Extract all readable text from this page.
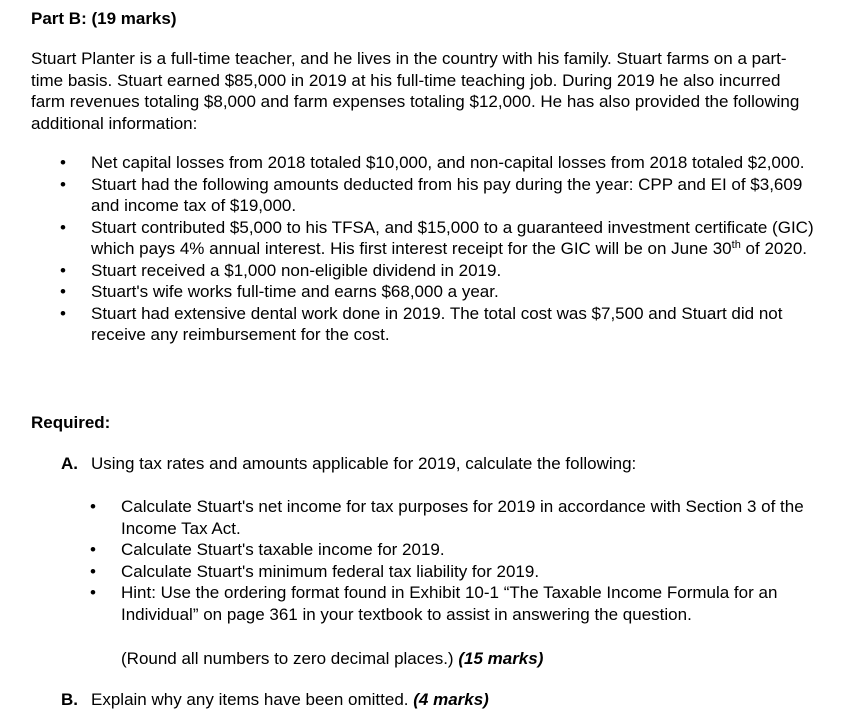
Part B: (19 marks)

Stuart Planter is a full-time teacher, and he lives in the country with his family. Stuart farms on a part-time basis. Stuart earned $85,000 in 2019 at his full-time teaching job. During 2019 he also incurred farm revenues totaling $8,000 and farm expenses totaling $12,000. He has also provided the following additional information:

• Net capital losses from 2018 totaled $10,000, and non-capital losses from 2018 totaled $2,000.
• Stuart had the following amounts deducted from his pay during the year: CPP and EI of $3,609 and income tax of $19,000.
• Stuart contributed $5,000 to his TFSA, and $15,000 to a guaranteed investment certificate (GIC) which pays 4% annual interest. His first interest receipt for the GIC will be on June 30th of 2020.
• Stuart received a $1,000 non-eligible dividend in 2019.
• Stuart's wife works full-time and earns $68,000 a year.
• Stuart had extensive dental work done in 2019. The total cost was $7,500 and Stuart did not receive any reimbursement for the cost.
Required:
A. Using tax rates and amounts applicable for 2019, calculate the following:
• Calculate Stuart's net income for tax purposes for 2019 in accordance with Section 3 of the Income Tax Act.
• Calculate Stuart's taxable income for 2019.
• Calculate Stuart's minimum federal tax liability for 2019.
• Hint: Use the ordering format found in Exhibit 10-1 “The Taxable Income Formula for an Individual” on page 361 in your textbook to assist in answering the question.
(Round all numbers to zero decimal places.) (15 marks)
B. Explain why any items have been omitted. (4 marks)
